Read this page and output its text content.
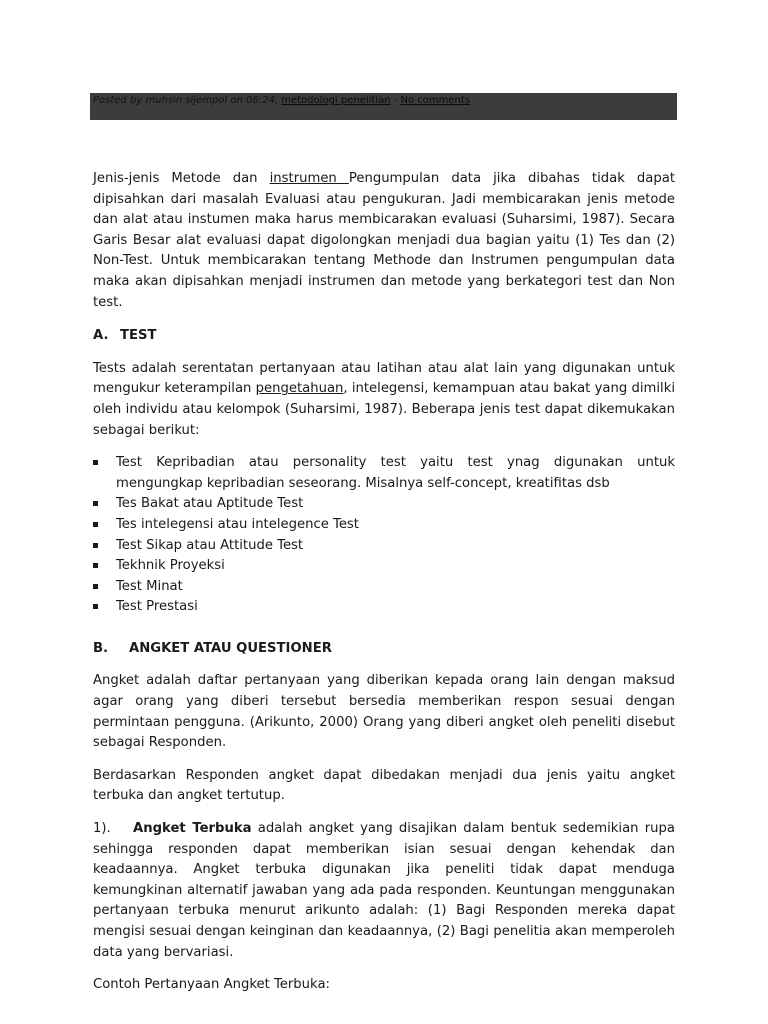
Posted by muhsin sijempol on 06:24, metodologi penelitian - No comments

Jenis-jenis Metode dan instrumen Pengumpulan data jika dibahas tidak dapat dipisahkan dari masalah Evaluasi atau pengukuran. Jadi membicarakan jenis metode dan alat atau instumen maka harus membicarakan evaluasi (Suharsimi, 1987). Secara Garis Besar alat evaluasi dapat digolongkan menjadi dua bagian yaitu (1) Tes dan (2) Non-Test. Untuk membicarakan tentang Methode dan Instrumen pengumpulan data maka akan dipisahkan menjadi instrumen dan metode yang berkategori test dan Non test.

A. TEST

Tests adalah serentatan pertanyaan atau latihan atau alat lain yang digunakan untuk mengukur keterampilan pengetahuan, intelegensi, kemampuan atau bakat yang dimilki oleh individu atau kelompok (Suharsimi, 1987). Beberapa jenis test dapat dikemukakan sebagai berikut:

Test Kepribadian atau personality test yaitu test ynag digunakan untuk mengungkap kepribadian seseorang. Misalnya self-concept, kreatifitas dsb
Tes Bakat atau Aptitude Test
Tes intelegensi atau intelegence Test
Test Sikap atau Attitude Test
Tekhnik Proyeksi
Test Minat
Test Prestasi
B. ANGKET ATAU QUESTIONER

Angket adalah daftar pertanyaan yang diberikan kepada orang lain dengan maksud agar orang yang diberi tersebut bersedia memberikan respon sesuai dengan permintaan pengguna. (Arikunto, 2000) Orang yang diberi angket oleh peneliti disebut sebagai Responden.

Berdasarkan Responden angket dapat dibedakan menjadi dua jenis yaitu angket terbuka dan angket tertutup.

1). Angket Terbuka adalah angket yang disajikan dalam bentuk sedemikian rupa sehingga responden dapat memberikan isian sesuai dengan kehendak dan keadaannya. Angket terbuka digunakan jika peneliti tidak dapat menduga kemungkinan alternatif jawaban yang ada pada responden. Keuntungan menggunakan pertanyaan terbuka menurut arikunto adalah: (1) Bagi Responden mereka dapat mengisi sesuai dengan keinginan dan keadaannya, (2) Bagi penelitia akan memperoleh data yang bervariasi.

Contoh Pertanyaan Angket Terbuka:
